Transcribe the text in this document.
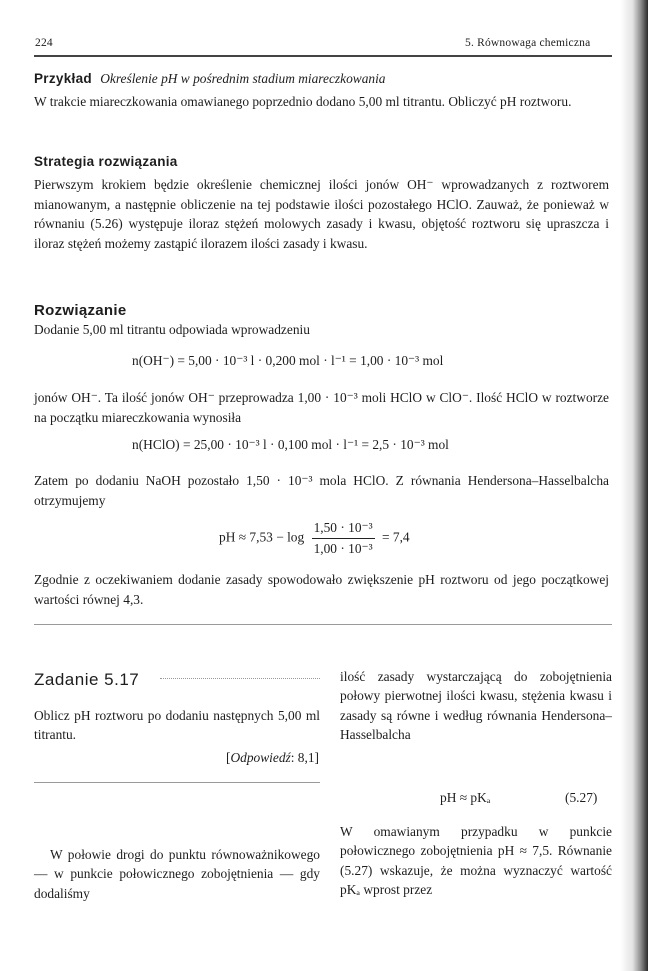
224	5. Równowaga chemiczna
Przykład Określenie pH w pośrednim stadium miareczkowania
W trakcie miareczkowania omawianego poprzednio dodano 5,00 ml titrantu. Obliczyć pH roztworu.
Strategia rozwiązania
Pierwszym krokiem będzie określenie chemicznej ilości jonów OH⁻ wprowadzanych z roztworem mianowanym, a następnie obliczenie na tej podstawie ilości pozostałego HClO. Zauważ, że ponieważ w równaniu (5.26) występuje iloraz stężeń molowych zasady i kwasu, objętość roztworu się upraszcza i iloraz stężeń możemy zastąpić ilorazem ilości zasady i kwasu.
Rozwiązanie
Dodanie 5,00 ml titrantu odpowiada wprowadzeniu
n(OH⁻) = 5,00 · 10⁻³ l · 0,200 mol · l⁻¹ = 1,00 · 10⁻³ mol
jonów OH⁻. Ta ilość jonów OH⁻ przeprowadza 1,00 · 10⁻³ moli HClO w ClO⁻. Ilość HClO w roztworze na początku miareczkowania wynosiła
n(HClO) = 25,00 · 10⁻³ l · 0,100 mol · l⁻¹ = 2,5 · 10⁻³ mol
Zatem po dodaniu NaOH pozostało 1,50 · 10⁻³ mola HClO. Z równania Hendersona–Hasselbalcha otrzymujemy
pH ≈ $7,53 - \log \frac{\text{1,50 · 10⁻³}}{\text{1,00 · 10⁻³}} = 7,4$
Zgodnie z oczekiwaniem dodanie zasady spowodowało zwiększenie pH roztworu od jego początkowej wartości równej 4,3.
Zadanie 5.17
Oblicz pH roztworu po dodaniu następnych 5,00 ml titrantu.
[Odpowiedź: 8,1]
W połowie drogi do punktu równoważnikowego — w punkcie połowicznego zobojętnienia — gdy dodaliśmy
ilość zasady wystarczającą do zobojętnienia połowy pierwotnej ilości kwasu, stężenia kwasu i zasady są równe i według równania Hendersona–Hasselbalcha
pH ≈ pKₐ	(5.27)
W omawianym przypadku w punkcie połowicznego zobojętnienia pH ≈ 7,5. Równanie (5.27) wskazuje, że można wyznaczyć wartość pKₐ wprost przez
